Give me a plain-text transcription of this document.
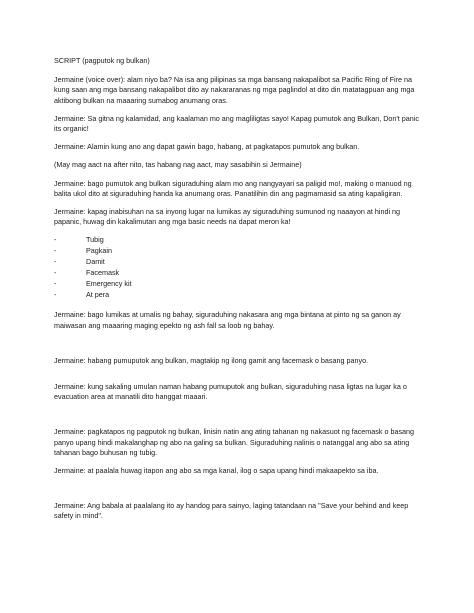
SCRIPT (pagputok ng bulkan)

Jermaine (voice over): alam niyo ba? Na isa ang pilipinas sa mga bansang nakapalibot sa Pacific Ring of Fire na kung saan ang mga bansang nakapalibot dito ay nakararanas ng mga paglindol at dito din matatagpuan ang mga aktibong bulkan na maaaring sumabog anumang oras.

Jermaine: Sa gitna ng kalamidad, ang kaalaman mo ang magliligtas sayo! Kapag pumutok ang Bulkan, Don't panic its organic!

Jermaine: Alamin kung ano ang dapat gawin bago, habang, at pagkatapos pumutok ang bulkan.

(May mag aact na after nito, tas habang nag aact, may sasabihin si Jermaine)

Jermaine: bago pumutok ang bulkan siguraduhing alam mo ang nangyayari sa paligid mo!, making o manuod ng balita ukol dito at siguraduhing handa ka anumang oras. Panatilihin din ang pagmamasid sa ating kapaligiran.

Jermaine: kapag inabisuhan na sa inyong lugar na lumikas ay siguraduhing sumunod ng naaayon at hindi ng papanic, huwag din kakalimutan ang mga basic needs na dapat meron ka!

-	Tubig
-	Pagkain
-	Damit
-	Facemask
-	Emergency kit
-	At pera

Jermaine: bago lumikas at umalis ng bahay, siguraduhing nakasara ang mga bintana at pinto ng sa ganon ay maiwasan ang maaaring maging epekto ng ash fall sa loob ng bahay.

Jermaine: habang pumuputok ang bulkan, magtakip ng ilong gamit ang facemask o basang panyo.

Jermaine: kung sakaling umulan naman habang pumuputok ang bulkan, siguraduhing nasa ligtas na lugar ka o evacuation area at manatili dito hanggat maaari.

Jermaine: pagkatapos ng pagputok ng bulkan, linisin natin ang ating tahanan ng nakasuot ng facemask o basang panyo upang hindi makalanghap ng abo na galing sa bulkan. Siguraduhing nalinis o natanggal ang abo sa ating tahanan bago buhusan ng tubig.

Jermaine: at paalala huwag itapon ang abo sa mga kanal, ilog o sapa upang hindi makaapekto sa iba.

Jermaine: Ang babala at paalalang ito ay handog para sainyo, laging tatandaan na "Save your behind and keep safety in mind".
